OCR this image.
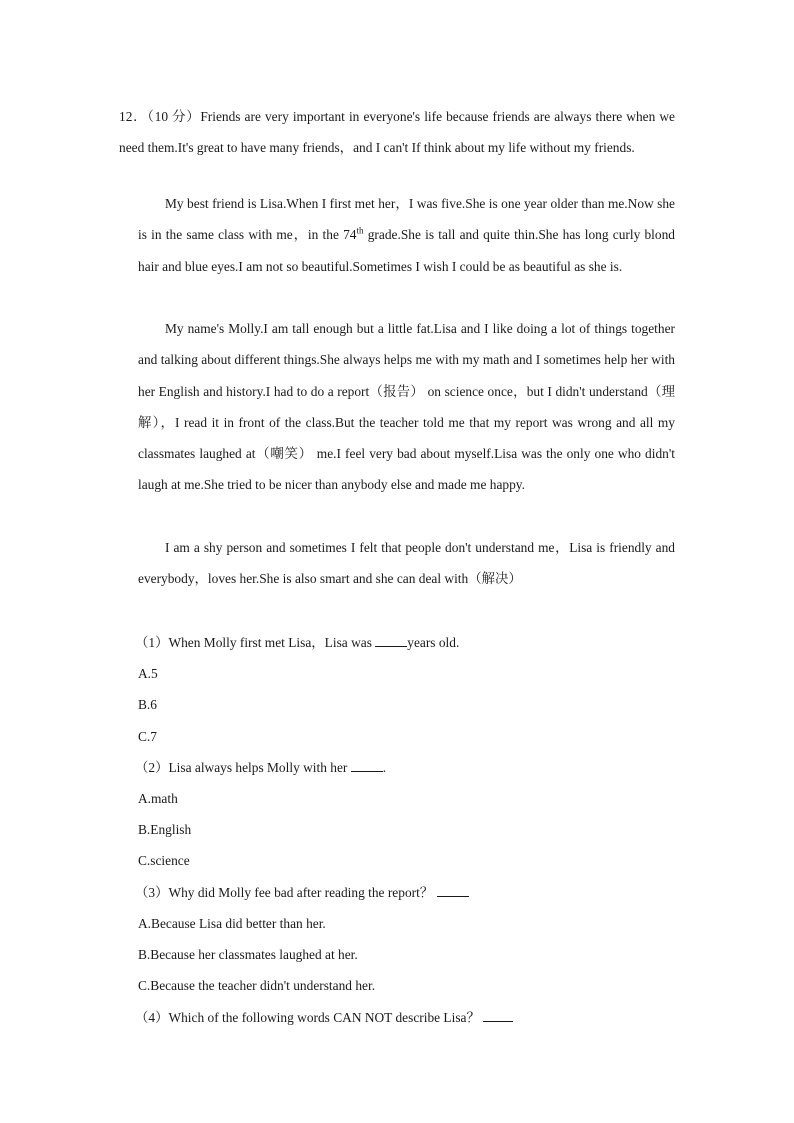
12．（10 分）Friends are very important in everyone's life because friends are always there when we need them.It's great to have many friends，and I can't If think about my life without my friends.
My best friend is Lisa.When I first met her，I was five.She is one year older than me.Now she is in the same class with me，in the 74th grade.She is tall and quite thin.She has long curly blond hair and blue eyes.I am not so beautiful.Sometimes I wish I could be as beautiful as she is.
My name's Molly.I am tall enough but a little fat.Lisa and I like doing a lot of things together and talking about different things.She always helps me with my math and I sometimes help her with her English and history.I had to do a report（报告） on science once，but I didn't understand（理解），I read it in front of the class.But the teacher told me that my report was wrong and all my classmates laughed at（嘲笑） me.I feel very bad about myself.Lisa was the only one who didn't laugh at me.She tried to be nicer than anybody else and made me happy.
I am a shy person and sometimes I felt that people don't understand me，Lisa is friendly and everybody，loves her.She is also smart and she can deal with（解决）
（1）When Molly first met Lisa，Lisa was years old.
A.5
B.6
C.7
（2）Lisa always helps Molly with her .
A.math
B.English
C.science
（3）Why did Molly fee bad after reading the report？
A.Because Lisa did better than her.
B.Because her classmates laughed at her.
C.Because the teacher didn't understand her.
（4）Which of the following words CAN NOT describe Lisa？
